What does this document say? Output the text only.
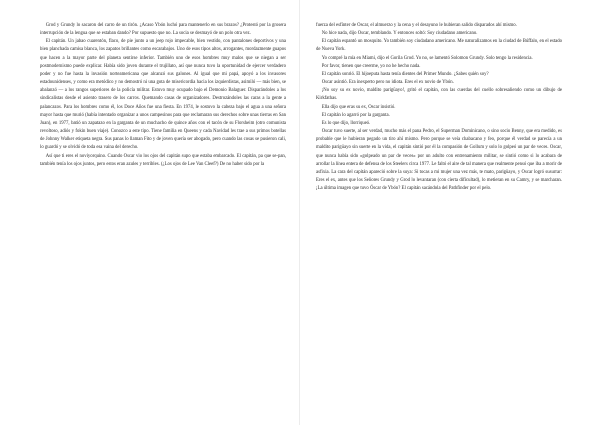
Grod y Grundy lo sacaron del carro de un tirón. ¿Acaso Ybón luchó para mantenerlo en sus brazos? ¿Protestó por la grosera interrupción de la lengua que se estaban dando? Por supuesto que no. La socia se desmayó de un polo otra vez.

El capitán. Un jabao cuarentón, flaco, de pie junto a un jeep rojo impecable, bien vestido, con pantalones deportivos y una bien planchada camisa blanca, los zapatos brillantes como escarabajos. Uno de esos tipos altos, arrogantes, mordazmente guapos que hacen a la mayor parte del planeta sentirse inferior. También uno de esos hombres muy malos que se niegan a ser postmodernismo puede explicar. Había sido joven durante el trujillato, así que nunca tuvo la oportunidad de ejercer verdadero poder y no fue hasta la invasión norteamericana que alcanzó sus galones. Al igual que mi papá, apoyó a los invasores estadounidenses, y como era metódico y no demostró ni una gota de misericordia hacia los izquierdistas, asimiló — más bien, se abalanzó — a los rangos superiores de la policía militar. Estuvo muy ocupado bajo el Demonio Balaguer. Disparándoles a los sindicalistas desde el asiento trasero de los carros. Quemando casas de organizadores. Destrozándoles las caras a la gente a palancazos. Para los hombres como él, los Doce Años fue una fiesta. En 1974, le sostuvo la cabeza bajo el agua a una señora mayor hasta que murió (había intentado organizar a unos campesinos para que reclamaran sus derechos sobre unas tierras en San Juan), en 1977, batió un zapatazo en la garganta de un muchacho de quince años con el tacón de su Florsheim (otro comunista revoltoso, adiós y fokin buen viaje). Conozco a este tipo. Tiene familia en Queens y cada Navidad les trae a sus primos botellas de Johnny Walker etiqueta negra. Sus panas lo llaman Fito y de joven quería ser abogado, pero cuando las cosas se pusieron cali, lo guardó y se olvidó de toda esa vaina del derecho.

Así que ti eres el noviyorquino. Cuando Oscar vio los ojos del capitán supo que estaba embarcado. El capitán, pa que se-pan, también tenía los ojos juntos, pero estos eran azules y terribles. (¿Los ojos de Lee Van Cleef?) De no haber sido por la

fuerza del esfínter de Oscar, el almuerzo y la cena y el desayuno le hubieran salido disparados ahí mismo.

No hice nada, dijo Oscar, temblando. Y entonces soltó: Soy ciudadano americano.

El capitán espantó un mosquito. Yo también soy ciudadano americano. Me naturalizamos en la ciudad de Búffalo, en el estado de Nueva York.

Yo compré la mía en Miami, dijo el Gorila Grod. Yo no, se lamentó Solomon Grundy. Solo tengo la residencia.

Por favor, tienen que creerme, yo no he hecho nada.

El capitán sonrió. El hijoeputa hasta tenía dientes del Primer Mundo. ¿Sabes quién soy?

Oscar asintió. Era inexperto pero no idiota. Eres el ex novio de Ybón.

¡No soy su ex novio, maldito parigüayo!, gritó el capitán, con las cuerdas del cuello sobresaliendo como un dibujo de Kirkfathas.

Ella dijo que eras su ex, Oscar insistió.

El capitán lo agarró por la garganta.

Es lo que dijo, llorriqueó.

Oscar tuvo suerte, al ser verdad, mucho más el pana Pedro, el Superman Dominicano, o sino socio Benny, que era medido, es probable que le hubieran pegado un tiro ahí mismo. Pero porque se veía chabacano y feo, porque él verdad se parecía a un maldito parigüayo sin suerte en la vida, el capitán sintió por él la compasión de Gollum y solo lo golpeó un par de veces. Oscar, que nunca había sido «golpeado un par de veces» por un adulto con entrenamiento militar, se sintió como si lo acabara de arrollar la línea entera de defensa de los Steelers circa 1977. Le faltó el aire de tal manera que realmente pensó que iba a morir de asfixia. La cara del capitán apareció sobre la suya: Si tocas a mi mujer una vez más, te mato, parigüayo, y Oscar logró susurrar: Eres el ex, antes que los Señores Grundy y Grod lo levantaran (con cierta dificultad), lo metieran en su Camry, y se marcharan. ¡La última imagen que tuvo Óscar de Ybón? El capitán sacándola del Pathfinder por el pelo.
